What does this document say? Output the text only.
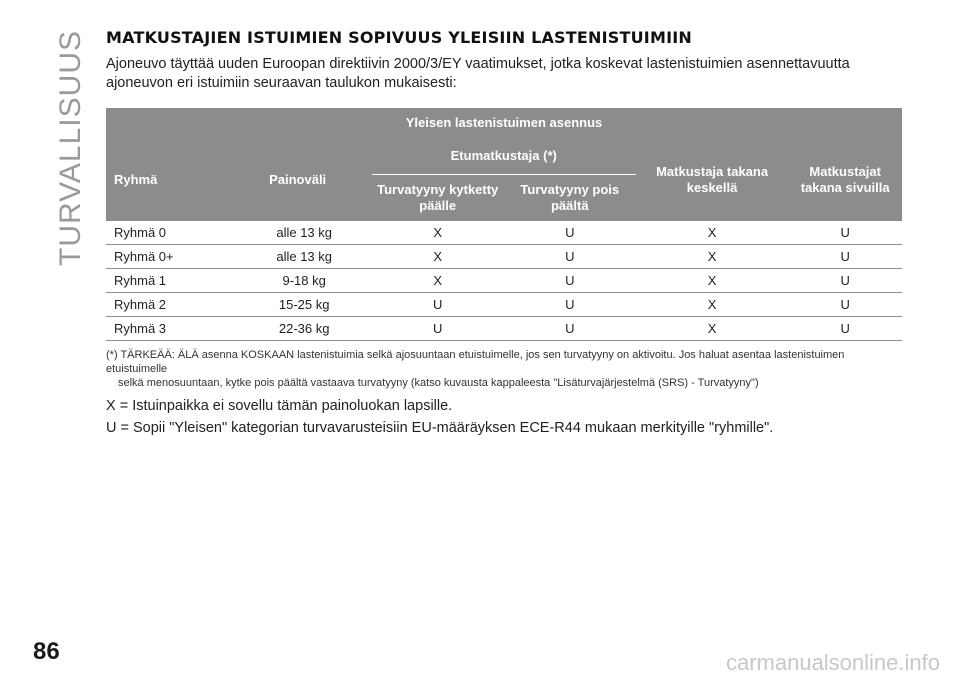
TURVALLISUUS
86
MATKUSTAJIEN ISTUIMIEN SOPIVUUS YLEISIIN LASTENISTUIMIIN

Ajoneuvo täyttää uuden Euroopan direktiivin 2000/3/EY vaatimukset, jotka koskevat lastenistuimien asennettavuutta ajoneuvon eri istuimiin seuraavan taulukon mukaisesti:

Yleisen lastenistuimen asennus							
Ryhmä		Painoväli		Etumatkustaja (*)		Matkustaja takana keskellä	Matkustajat takana sivuilla
				Turvatyyny kytketty päälle	Turvatyyny pois päältä		
Ryhmä 0		alle 13 kg		X	U	X	U
Ryhmä 0+		alle 13 kg		X	U	X	U
Ryhmä 1		9-18 kg		X	U	X	U
Ryhmä 2		15-25 kg		U	U	X	U
Ryhmä 3		22-36 kg		U	U	X	U

(*) TÄRKEÄÄ: ÄLÄ asenna KOSKAAN lastenistuimia selkä ajosuuntaan etuistuimelle, jos sen turvatyyny on aktivoitu. Jos haluat asentaa lastenistuimen etuistuimelle
selkä menosuuntaan, kytke pois päältä vastaava turvatyyny (katso kuvausta kappaleesta "Lisäturvajärjestelmä (SRS) - Turvatyyny")

X = Istuinpaikka ei sovellu tämän painoluokan lapsille.

U = Sopii "Yleisen" kategorian turvavarusteisiin EU-määräyksen ECE-R44 mukaan merkityille "ryhmille".

carmanualsonline.info
